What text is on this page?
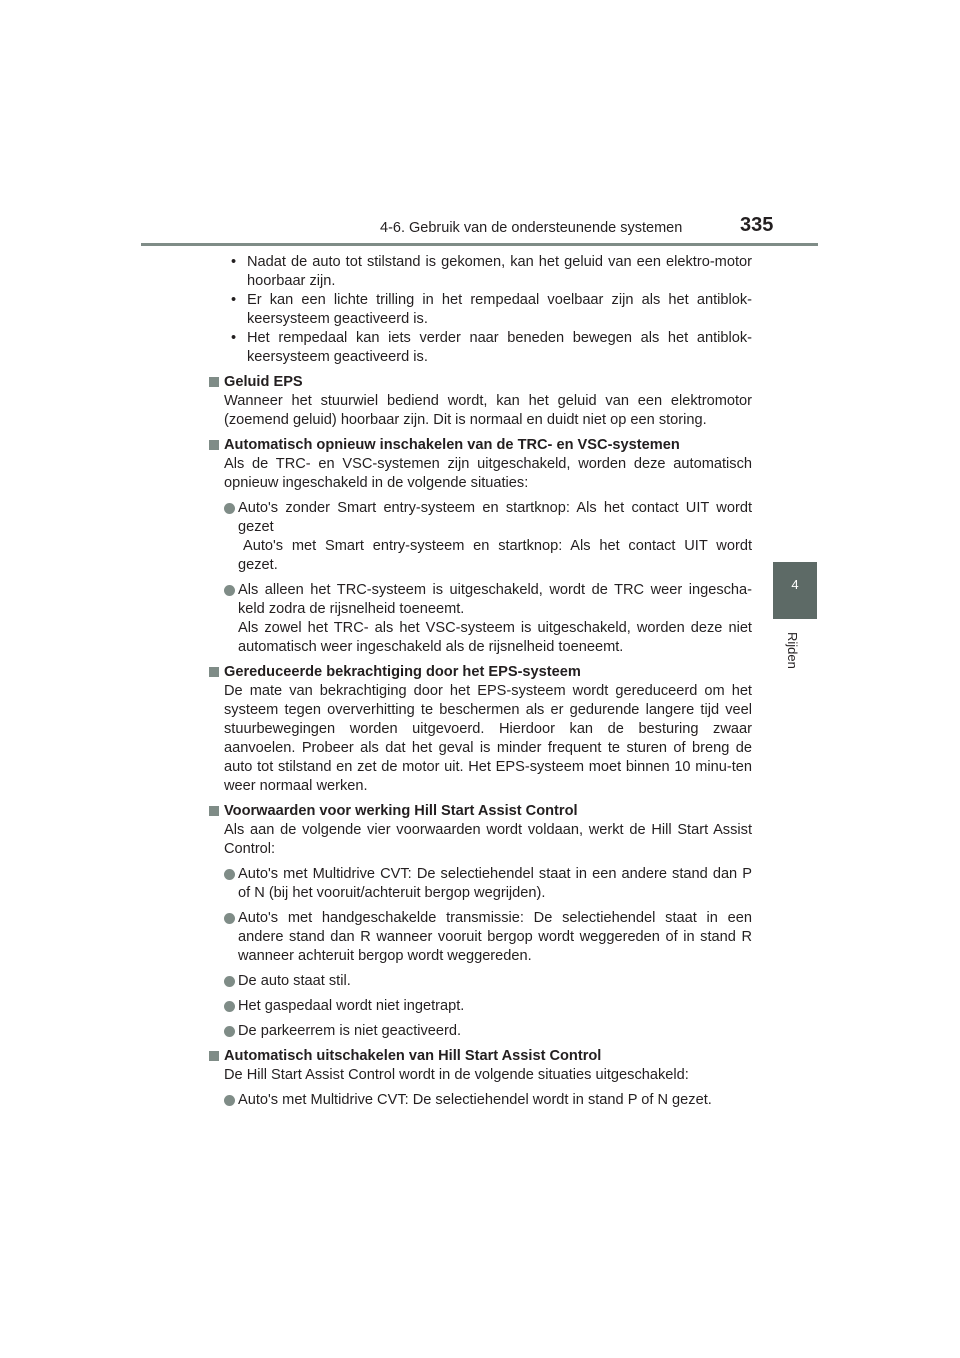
4-6. Gebruik van de ondersteunende systemen	335
4
Rijden
• Nadat de auto tot stilstand is gekomen, kan het geluid van een elektro-motor hoorbaar zijn.
• Er kan een lichte trilling in het rempedaal voelbaar zijn als het antiblok-keersysteem geactiveerd is.
• Het rempedaal kan iets verder naar beneden bewegen als het antiblok-keersysteem geactiveerd is.
Geluid EPS

Wanneer het stuurwiel bediend wordt, kan het geluid van een elektromotor (zoemend geluid) hoorbaar zijn. Dit is normaal en duidt niet op een storing.

Automatisch opnieuw inschakelen van de TRC- en VSC-systemen

Als de TRC- en VSC-systemen zijn uitgeschakeld, worden deze automatisch opnieuw ingeschakeld in de volgende situaties:

Auto's zonder Smart entry-systeem en startknop: Als het contact UIT wordt gezet
Auto's met Smart entry-systeem en startknop: Als het contact UIT wordt
gezet.
Als alleen het TRC-systeem is uitgeschakeld, wordt de TRC weer ingescha-keld zodra de rijsnelheid toeneemt.
Als zowel het TRC- als het VSC-systeem is uitgeschakeld, worden deze niet automatisch weer ingeschakeld als de rijsnelheid toeneemt.
Gereduceerde bekrachtiging door het EPS-systeem

De mate van bekrachtiging door het EPS-systeem wordt gereduceerd om het systeem tegen oververhitting te beschermen als er gedurende langere tijd veel stuurbewegingen worden uitgevoerd. Hierdoor kan de besturing zwaar aanvoelen. Probeer als dat het geval is minder frequent te sturen of breng de auto tot stilstand en zet de motor uit. Het EPS-systeem moet binnen 10 minu-ten weer normaal werken.

Voorwaarden voor werking Hill Start Assist Control

Als aan de volgende vier voorwaarden wordt voldaan, werkt de Hill Start Assist Control:

Auto's met Multidrive CVT: De selectiehendel staat in een andere stand dan P of N (bij het vooruit/achteruit bergop wegrijden).
Auto's met handgeschakelde transmissie: De selectiehendel staat in een andere stand dan R wanneer vooruit bergop wordt weggereden of in stand R wanneer achteruit bergop wordt weggereden.
De auto staat stil.
Het gaspedaal wordt niet ingetrapt.
De parkeerrem is niet geactiveerd.
Automatisch uitschakelen van Hill Start Assist Control

De Hill Start Assist Control wordt in de volgende situaties uitgeschakeld:

Auto's met Multidrive CVT: De selectiehendel wordt in stand P of N gezet.
